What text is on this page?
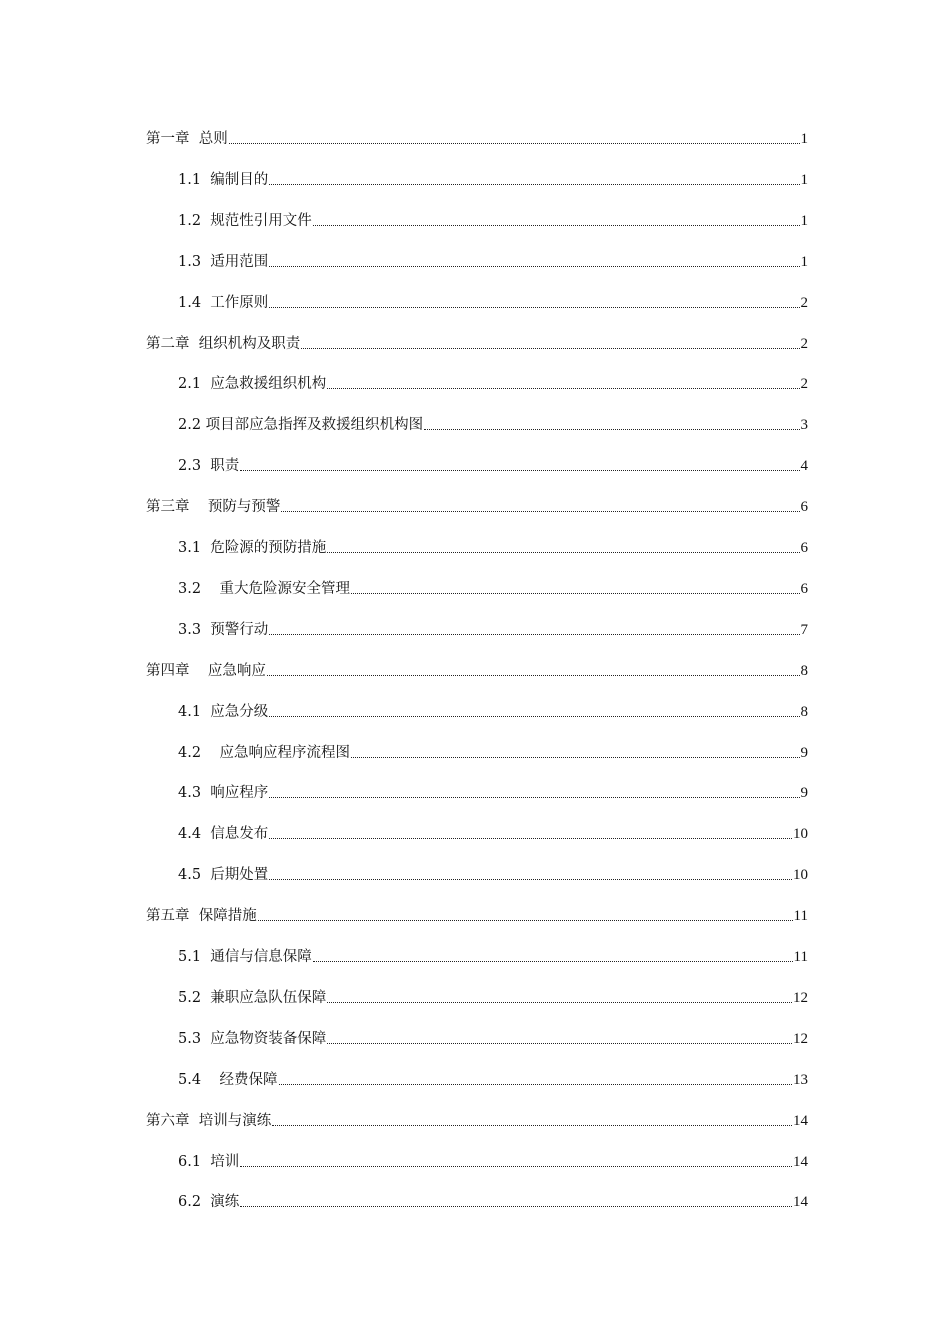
第一章  总则	1
1.1  编制目的	1
1.2  规范性引用文件	1
1.3  适用范围	1
1.4  工作原则	2
第二章  组织机构及职责	2
2.1  应急救援组织机构	2
2.2 项目部应急指挥及救援组织机构图	3
2.3  职责	4
第三章    预防与预警	6
3.1  危险源的预防措施	6
3.2    重大危险源安全管理	6
3.3  预警行动	7
第四章    应急响应	8
4.1  应急分级	8
4.2    应急响应程序流程图	9
4.3  响应程序	9
4.4  信息发布	10
4.5  后期处置	10
第五章  保障措施	11
5.1  通信与信息保障	11
5.2  兼职应急队伍保障	12
5.3  应急物资装备保障	12
5.4    经费保障	13
第六章  培训与演练	14
6.1  培训	14
6.2  演练	14
